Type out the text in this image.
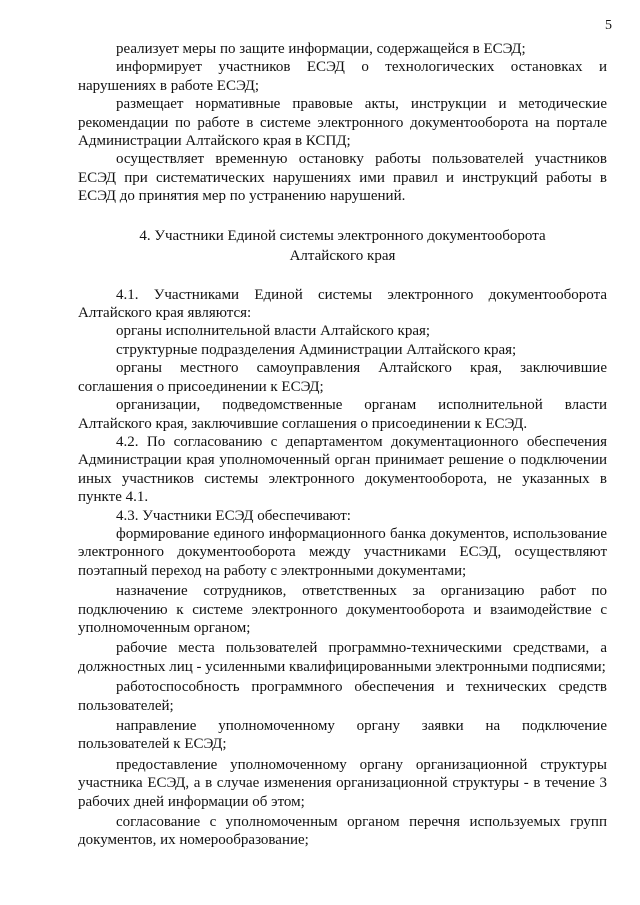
5

реализует меры по защите информации, содержащейся в ЕСЭД;

информирует участников ЕСЭД о технологических остановках и нарушениях в работе ЕСЭД;

размещает нормативные правовые акты, инструкции и методические рекомендации по работе в системе электронного документооборота на портале Администрации Алтайского края в КСПД;

осуществляет временную остановку работы пользователей участников ЕСЭД при систематических нарушениях ими правил и инструкций работы в ЕСЭД до принятия мер по устранению нарушений.

4. Участники Единой системы электронного документооборота
Алтайского края

4.1. Участниками Единой системы электронного документооборота Алтайского края являются:

органы исполнительной власти Алтайского края;

структурные подразделения Администрации Алтайского края;

органы местного самоуправления Алтайского края, заключившие соглашения о присоединении к ЕСЭД;

организации, подведомственные органам исполнительной власти Алтайского края, заключившие соглашения о присоединении к ЕСЭД.

4.2. По согласованию с департаментом документационного обеспечения Администрации края уполномоченный орган принимает решение о подключении иных участников системы электронного документооборота, не указанных в пункте 4.1.

4.3. Участники ЕСЭД обеспечивают:

формирование единого информационного банка документов, использование электронного документооборота между участниками ЕСЭД, осуществляют поэтапный переход на работу с электронными документами;

назначение сотрудников, ответственных за организацию работ по подключению к системе электронного документооборота и взаимодействие с уполномоченным органом;

рабочие места пользователей программно-техническими средствами, а должностных лиц - усиленными квалифицированными электронными подписями;

работоспособность программного обеспечения и технических средств пользователей;

направление уполномоченному органу заявки на подключение пользователей к ЕСЭД;

предоставление уполномоченному органу организационной структуры участника ЕСЭД, а в случае изменения организационной структуры - в течение 3 рабочих дней информации об этом;

согласование с уполномоченным органом перечня используемых групп документов, их номерообразование;
